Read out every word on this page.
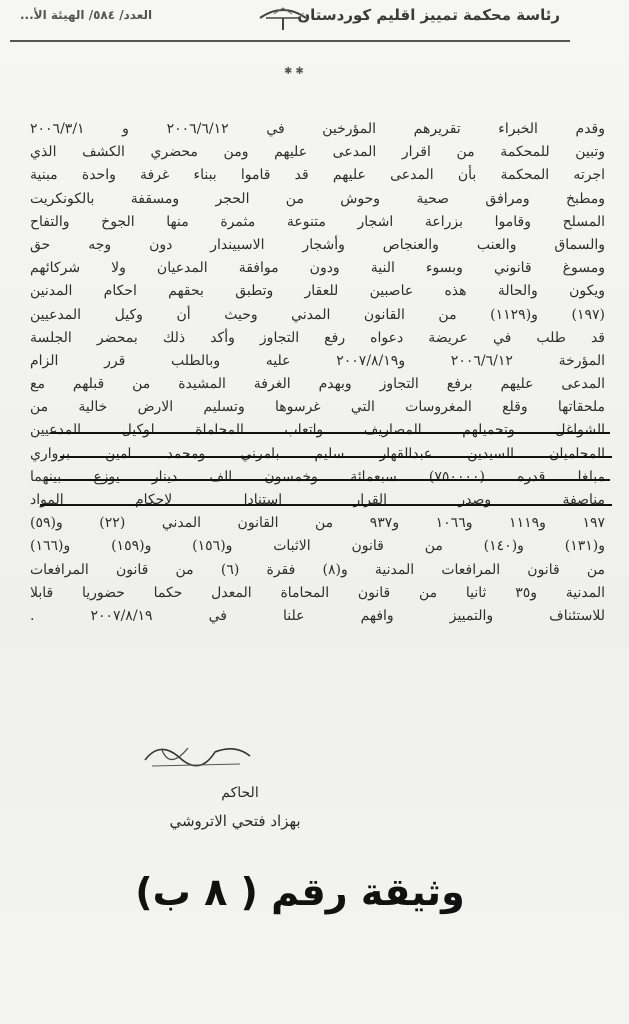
رئاسة محكمة تمييز اقليم كوردستان
العدد/ ٥٨٤/ الهيئة الأ...
✱✱
وقدم الخبراء تقريرهم المؤرخين في ٢٠٠٦/٦/١٢ و ٢٠٠٦/٣/١
وتبين للمحكمة من اقرار المدعى عليهم ومن محضري الكشف الذي
اجرته المحكمة بأن المدعى عليهم قد قاموا ببناء غرفة واحدة مبنية
ومطبخ ومرافق صحية وحوش من الحجر ومسقفة بالكونكريت
المسلح وقاموا بزراعة اشجار متنوعة مثمرة منها الجوخ والتفاح
والسماق والعنب والعنجاص وأشجار الاسبيندار دون وجه حق
ومسوغ قانوني وبسوء النية ودون موافقة المدعيان ولا شركائهم
ويكون والحالة هذه عاصبين للعقار وتطبق بحقهم احكام المدنين
(١٩٧) و(١١٢٩) من القانون المدني وحيث أن وكيل المدعيين
قد طلب في عريضة دعواه رفع التجاوز وأكد ذلك بمحضر الجلسة
المؤرخة ٢٠٠٦/٦/١٢ و٢٠٠٧/٨/١٩ عليه وبالطلب قرر الزام
المدعى عليهم برفع التجاوز وبهدم الغرفة المشيدة من قبلهم مع
ملحقاتها وقلع المغروسات التي غرسوها وتسليم الارض خالية من
الشواغل وتحميلهم المصاريف واتعاب المحاماة لوكيل المدعيين
المحاميان السيدين عبدالقهار سليم بامرني ومحمد امين برواري
مبلغا قدره (٧٥٠٠٠٠) سبعمائة وخمسون الف دينار يوزع بينهما
مناصفة وصدر القرار استنادا لاحكام المواد
١٩٧ و١١١٩ و١٠٦٦ و٩٣٧ من القانون المدني (٢٢) و(٥٩)
و(١٣١) و(١٤٠) من قانون الاثبات و(١٥٦) و(١٥٩) و(١٦٦)
من قانون المرافعات المدنية و(٨) فقرة (٦) من قانون المرافعات
المدنية و٣٥ ثانيا من قانون المحاماة المعدل حكما حضوريا قابلا
للاستئناف والتمييز وافهم علنا في ٢٠٠٧/٨/١٩ .
الحاكم
بهزاد فتحي الاتروشي
وثيقة رقم ( ٨ ب)
